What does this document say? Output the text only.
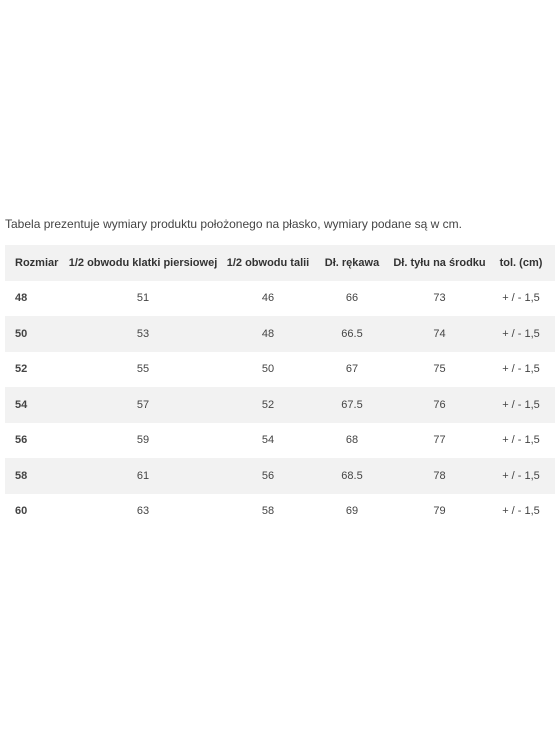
Tabela prezentuje wymiary produktu położonego na płasko, wymiary podane są w cm.
Rozmiar	1/2 obwodu klatki piersiowej	1/2 obwodu talii	Dł. rękawa	Dł. tyłu na środku	tol. (cm)
48	51	46	66	73	+ / - 1,5
50	53	48	66.5	74	+ / - 1,5
52	55	50	67	75	+ / - 1,5
54	57	52	67.5	76	+ / - 1,5
56	59	54	68	77	+ / - 1,5
58	61	56	68.5	78	+ / - 1,5
60	63	58	69	79	+ / - 1,5
